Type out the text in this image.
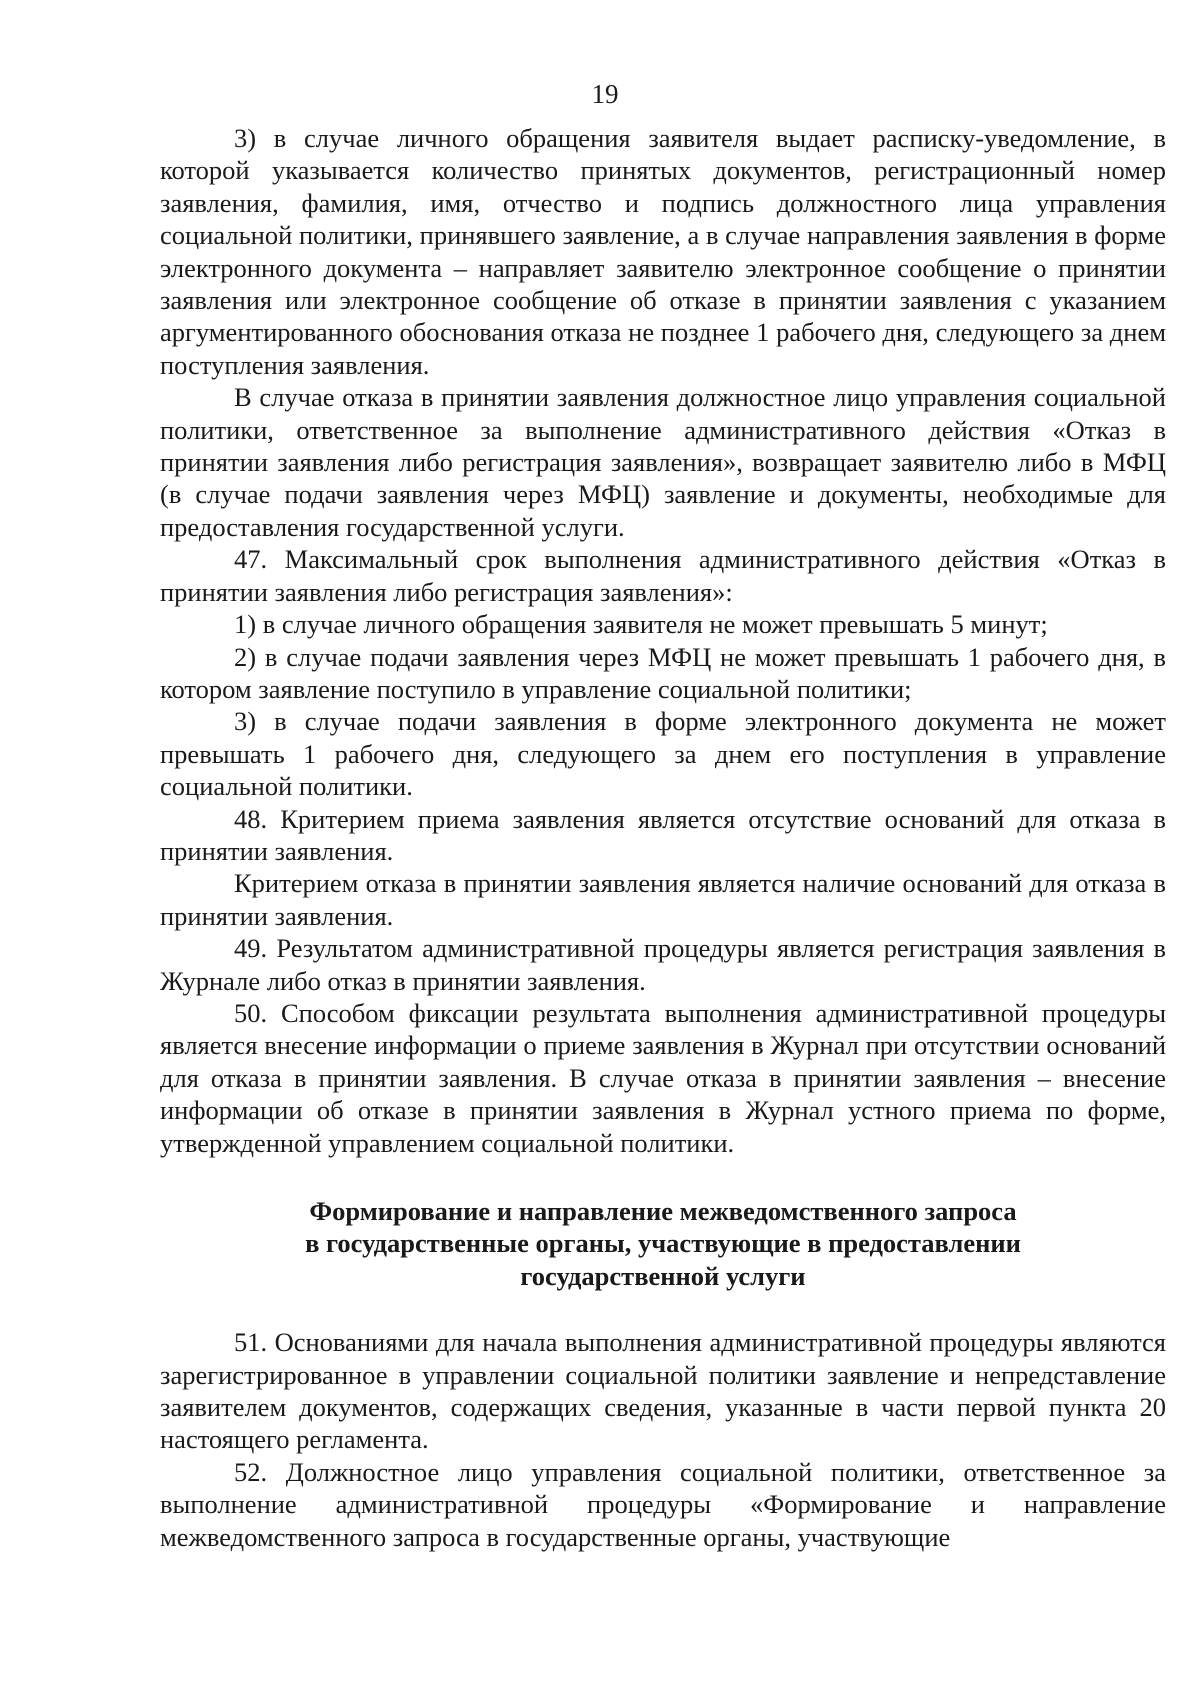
19

3) в случае личного обращения заявителя выдает расписку-уведомление, в которой указывается количество принятых документов, регистрационный номер заявления, фамилия, имя, отчество и подпись должностного лица управления социальной политики, принявшего заявление, а в случае направления заявления в форме электронного документа – направляет заявителю электронное сообщение о принятии заявления или электронное сообщение об отказе в принятии заявления с указанием аргументированного обоснования отказа не позднее 1 рабочего дня, следующего за днем поступления заявления.

В случае отказа в принятии заявления должностное лицо управления социальной политики, ответственное за выполнение административного действия «Отказ в принятии заявления либо регистрация заявления», возвращает заявителю либо в МФЦ (в случае подачи заявления через МФЦ) заявление и документы, необходимые для предоставления государственной услуги.

47. Максимальный срок выполнения административного действия «Отказ в принятии заявления либо регистрация заявления»:

1) в случае личного обращения заявителя не может превышать 5 минут;

2) в случае подачи заявления через МФЦ не может превышать 1 рабочего дня, в котором заявление поступило в управление социальной политики;

3) в случае подачи заявления в форме электронного документа не может превышать 1 рабочего дня, следующего за днем его поступления в управление социальной политики.

48. Критерием приема заявления является отсутствие оснований для отказа в принятии заявления.

Критерием отказа в принятии заявления является наличие оснований для отказа в принятии заявления.

49. Результатом административной процедуры является регистрация заявления в Журнале либо отказ в принятии заявления.

50. Способом фиксации результата выполнения административной процедуры является внесение информации о приеме заявления в Журнал при отсутствии оснований для отказа в принятии заявления. В случае отказа в принятии заявления – внесение информации об отказе в принятии заявления в Журнал устного приема по форме, утвержденной управлением социальной политики.

Формирование и направление межведомственного запроса
в государственные органы, участвующие в предоставлении
государственной услуги

51. Основаниями для начала выполнения административной процедуры являются зарегистрированное в управлении социальной политики заявление и непредставление заявителем документов, содержащих сведения, указанные в части первой пункта 20 настоящего регламента.

52. Должностное лицо управления социальной политики, ответственное за выполнение административной процедуры «Формирование и направление межведомственного запроса в государственные органы, участвующие
